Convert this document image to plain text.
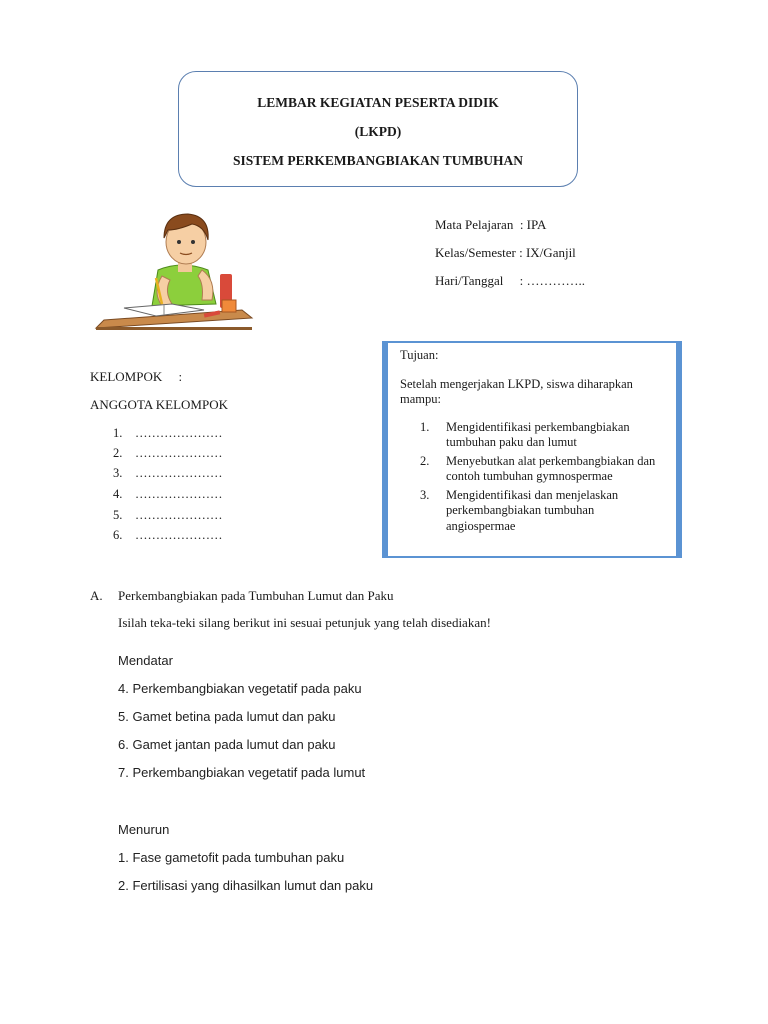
LEMBAR KEGIATAN PESERTA DIDIK
(LKPD)
SISTEM PERKEMBANGBIAKAN TUMBUHAN
Mata Pelajaran  : IPA
Kelas/Semester : IX/Ganjil
Hari/Tanggal     : …………..
KELOMPOK     :
ANGGOTA KELOMPOK
1. …………………
2. …………………
3. …………………
4. …………………
5. …………………
6. …………………
Tujuan:
Setelah mengerjakan LKPD, siswa diharapkan mampu:
1. Mengidentifikasi perkembangbiakan tumbuhan paku dan lumut
2. Menyebutkan alat perkembangbiakan dan contoh tumbuhan gymnospermae
3. Mengidentifikasi dan menjelaskan perkembangbiakan tumbuhan angiospermae
A. Perkembangbiakan pada Tumbuhan Lumut dan Paku
Isilah teka-teki silang berikut ini sesuai petunjuk yang telah disediakan!
Mendatar
4. Perkembangbiakan vegetatif pada paku
5. Gamet betina pada lumut dan paku
6. Gamet jantan pada lumut dan paku
7. Perkembangbiakan vegetatif pada lumut
Menurun
1. Fase gametofit pada tumbuhan paku
2. Fertilisasi yang dihasilkan lumut dan paku
